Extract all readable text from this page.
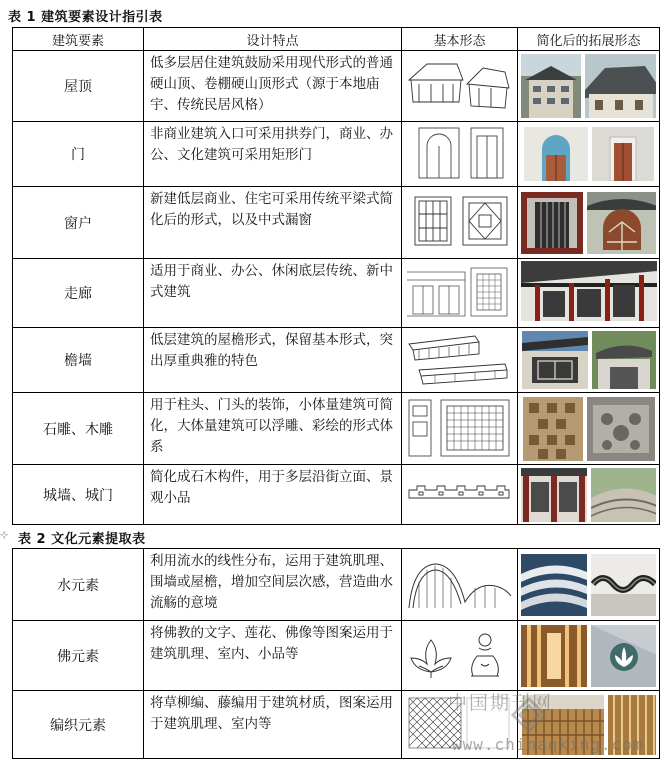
表 1 建筑要素设计指引表
建筑要素	设计特点	基本形态	简化后的拓展形态
屋顶	低多层居住建筑鼓励采用现代形式的普通硬山顶、卷棚硬山顶形式（源于本地庙宇、传统民居风格）		

门	非商业建筑入口可采用拱券门，商业、办公、文化建筑可采用矩形门		

窗户	新建低层商业、住宅可采用传统平梁式简化后的形式，以及中式漏窗		

走廊	适用于商业、办公、休闲底层传统、新中式建筑		
檐墙	低层建筑的屋檐形式，保留基本形式，突出厚重典雅的特色		

石雕、木雕	用于柱头、门头的装饰，小体量建筑可简化，大体量建筑可以浮雕、彩绘的形式体系		

城墙、城门	简化成石木构件，用于多层沿街立面、景观小品		
⊹ 表 2 文化元素提取表
水元素	利用流水的线性分布，运用于建筑肌理、围墙或屋檐，增加空间层次感，营造曲水流觞的意境		

佛元素	将佛教的文字、莲花、佛像等图案运用于建筑肌理、室内、小品等		

编织元素	将草柳编、藤编用于建筑材质，图案运用于建筑肌理、室内等		
中国期刊网
www.chinaqking.com
